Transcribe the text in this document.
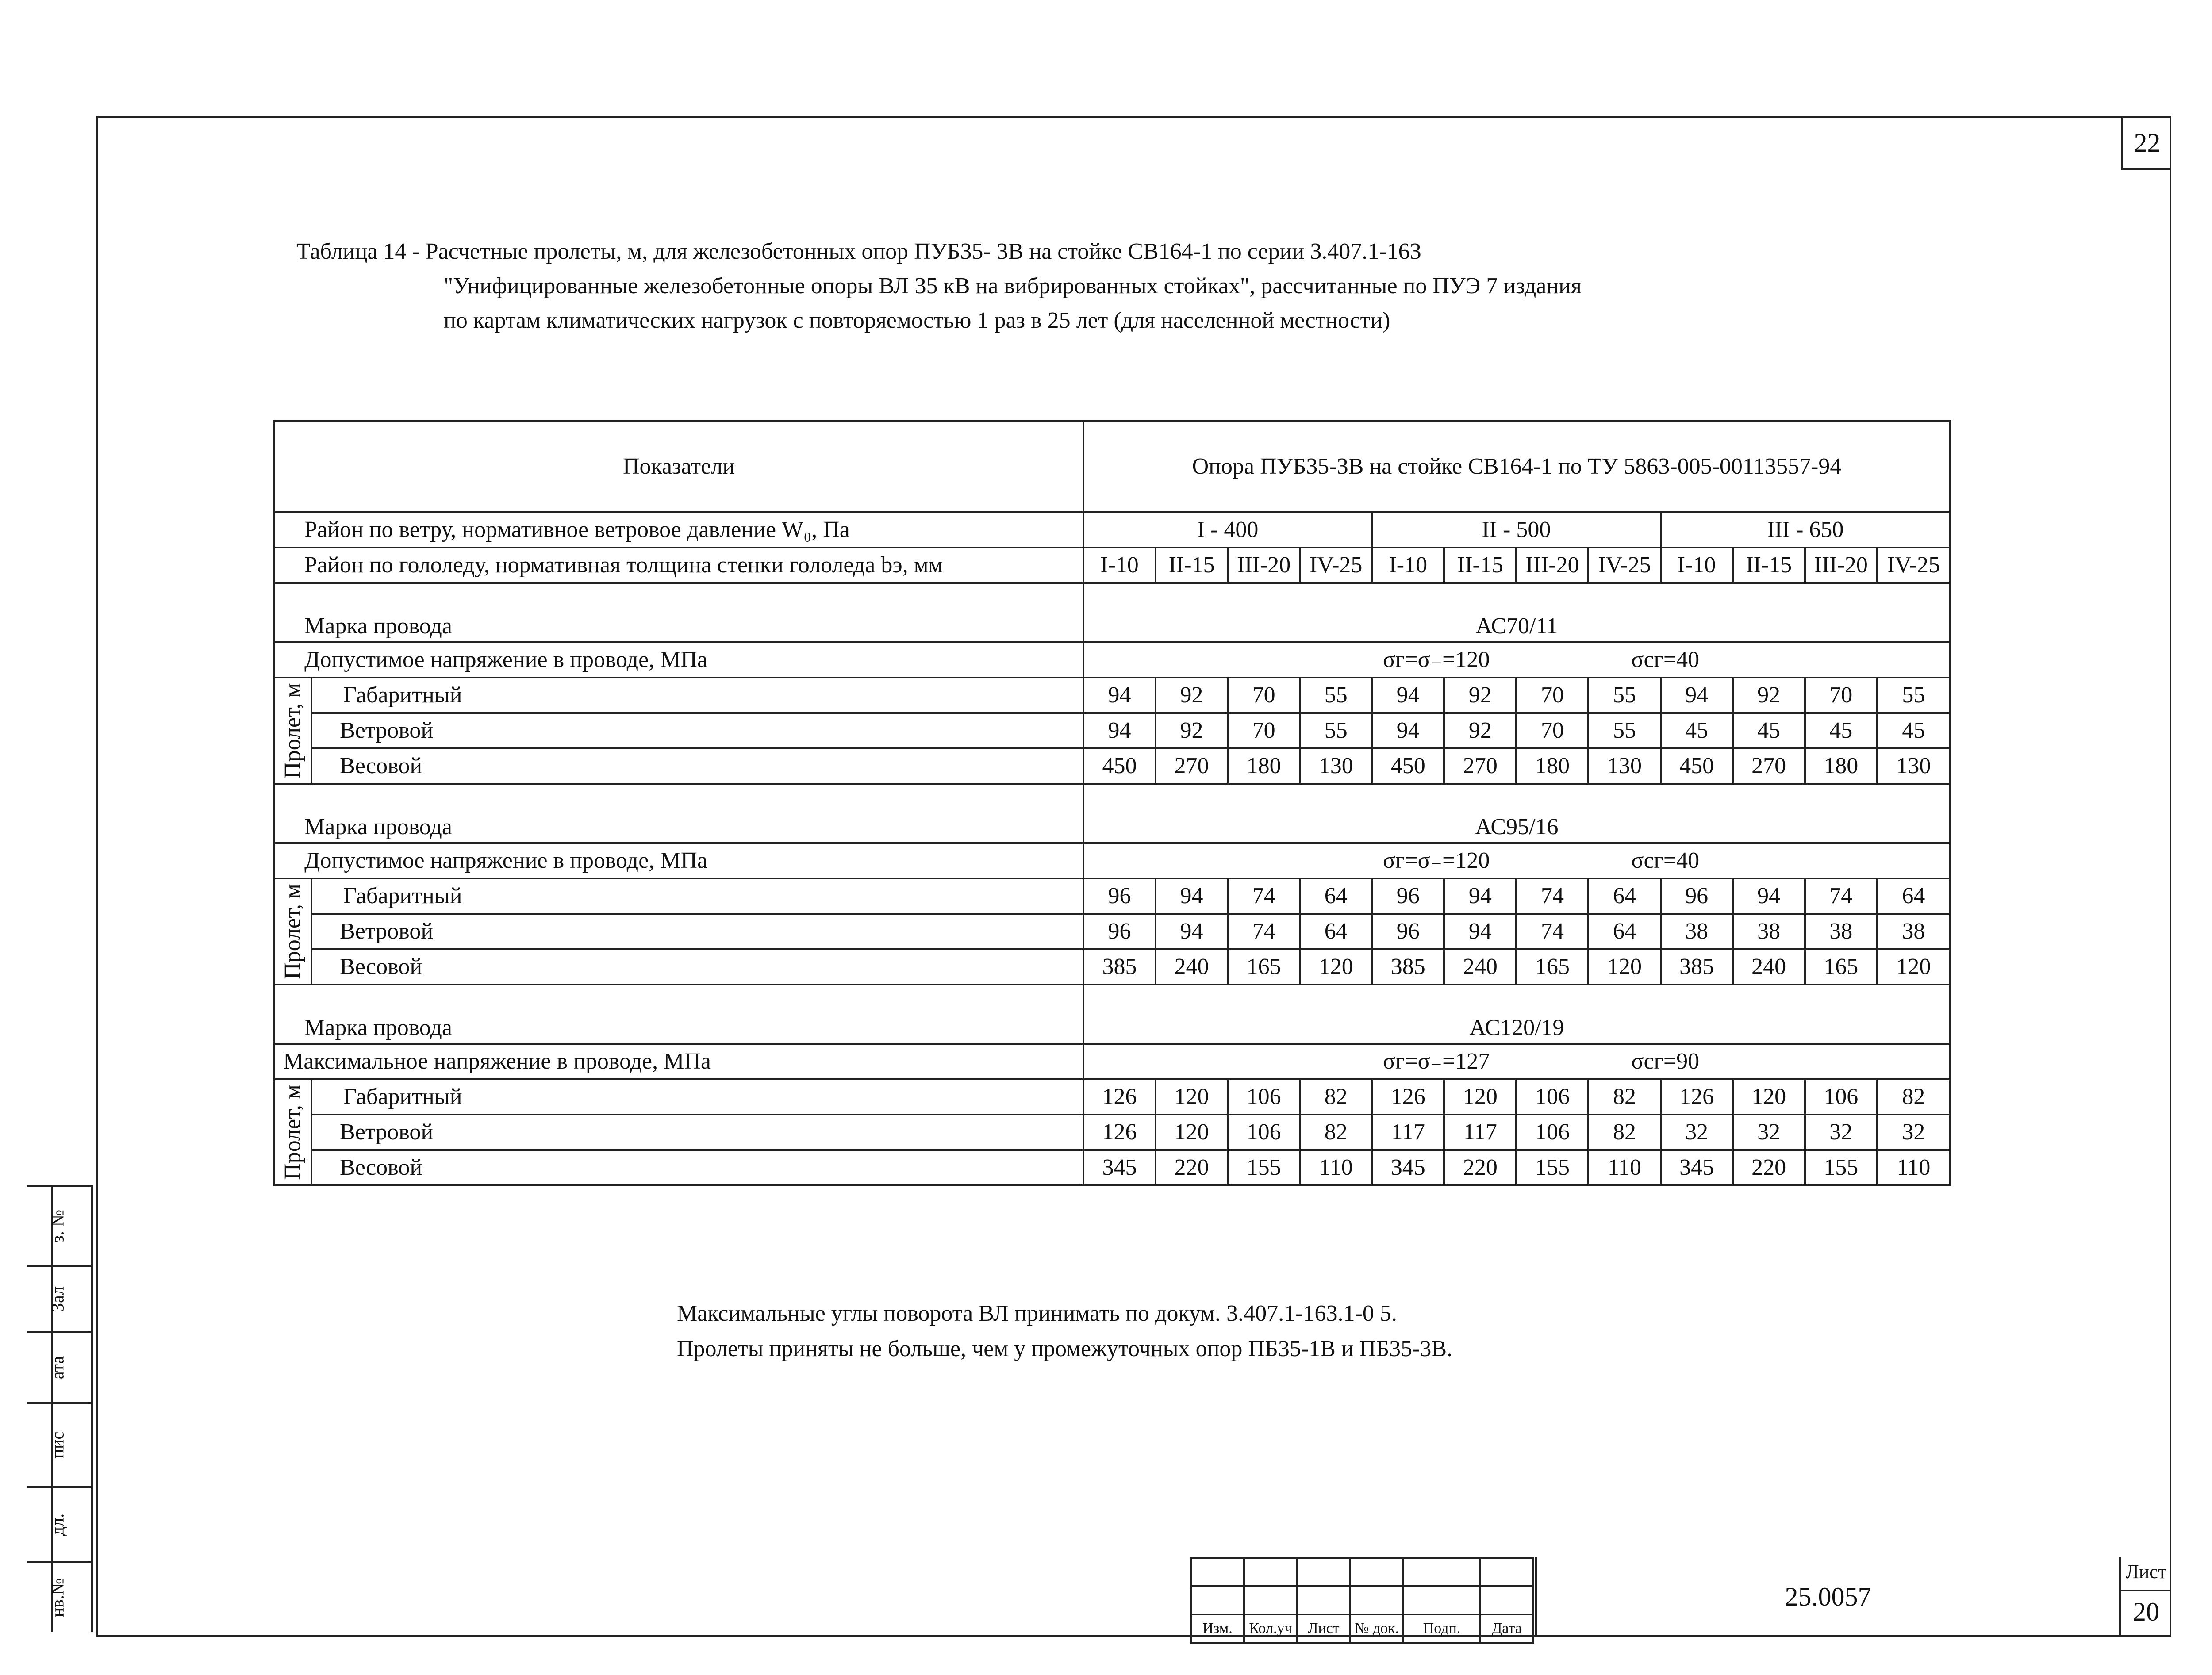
22
Таблица 14 - Расчетные пролеты, м, для железобетонных опор ПУБ35- 3В на стойке СВ164-1 по серии 3.407.1-163
"Унифицированные железобетонные опоры ВЛ 35 кВ на вибрированных стойках", рассчитанные по ПУЭ 7 издания
по картам климатических нагрузок с повторяемостью 1 раз в 25 лет (для населенной местности)
Показатели		Опора ПУБ35-3В на стойке СВ164-1 по ТУ 5863-005-00113557-94											
Район по ветру, нормативное ветровое давление W₀, Па		I - 400				II - 500				III - 650			
Район по гололеду, нормативная толщина стенки гололеда bэ, мм		I-10	II-15	III-20	IV-25	I-10	II-15	III-20	IV-25	I-10	II-15	III-20	IV-25
Марка провода		АС70/11											
Допустимое напряжение в проводе, МПа		σг=σ₋=120						σсг=40					

Пролет, м	Габаритный	94	92	70	55	94	92	70	55	94	92	70	55
	Ветровой	94	92	70	55	94	92	70	55	45	45	45	45
	Весовой	450	270	180	130	450	270	180	130	450	270	180	130
Марка провода		АС95/16											
Допустимое напряжение в проводе, МПа		σг=σ₋=120						σсг=40					

Пролет, м	Габаритный	96	94	74	64	96	94	74	64	96	94	74	64
	Ветровой	96	94	74	64	96	94	74	64	38	38	38	38
	Весовой	385	240	165	120	385	240	165	120	385	240	165	120
Марка провода		АС120/19											
Максимальное напряжение в проводе, МПа		σг=σ₋=127						σсг=90					

Пролет, м	Габаритный	126	120	106	82	126	120	106	82	126	120	106	82
	Ветровой	126	120	106	82	117	117	106	82	32	32	32	32
	Весовой	345	220	155	110	345	220	155	110	345	220	155	110
Максимальные углы поворота ВЛ принимать по докум. 3.407.1-163.1-0 5.
Пролеты приняты не больше, чем у промежуточных опор ПБ35-1В и ПБ35-3В.
з. №
Зал
ата
пис
дл.
нв.№

Изм.	Кол.уч	Лист	№ док.	Подп.	Дата
25.0057
Лист
20
